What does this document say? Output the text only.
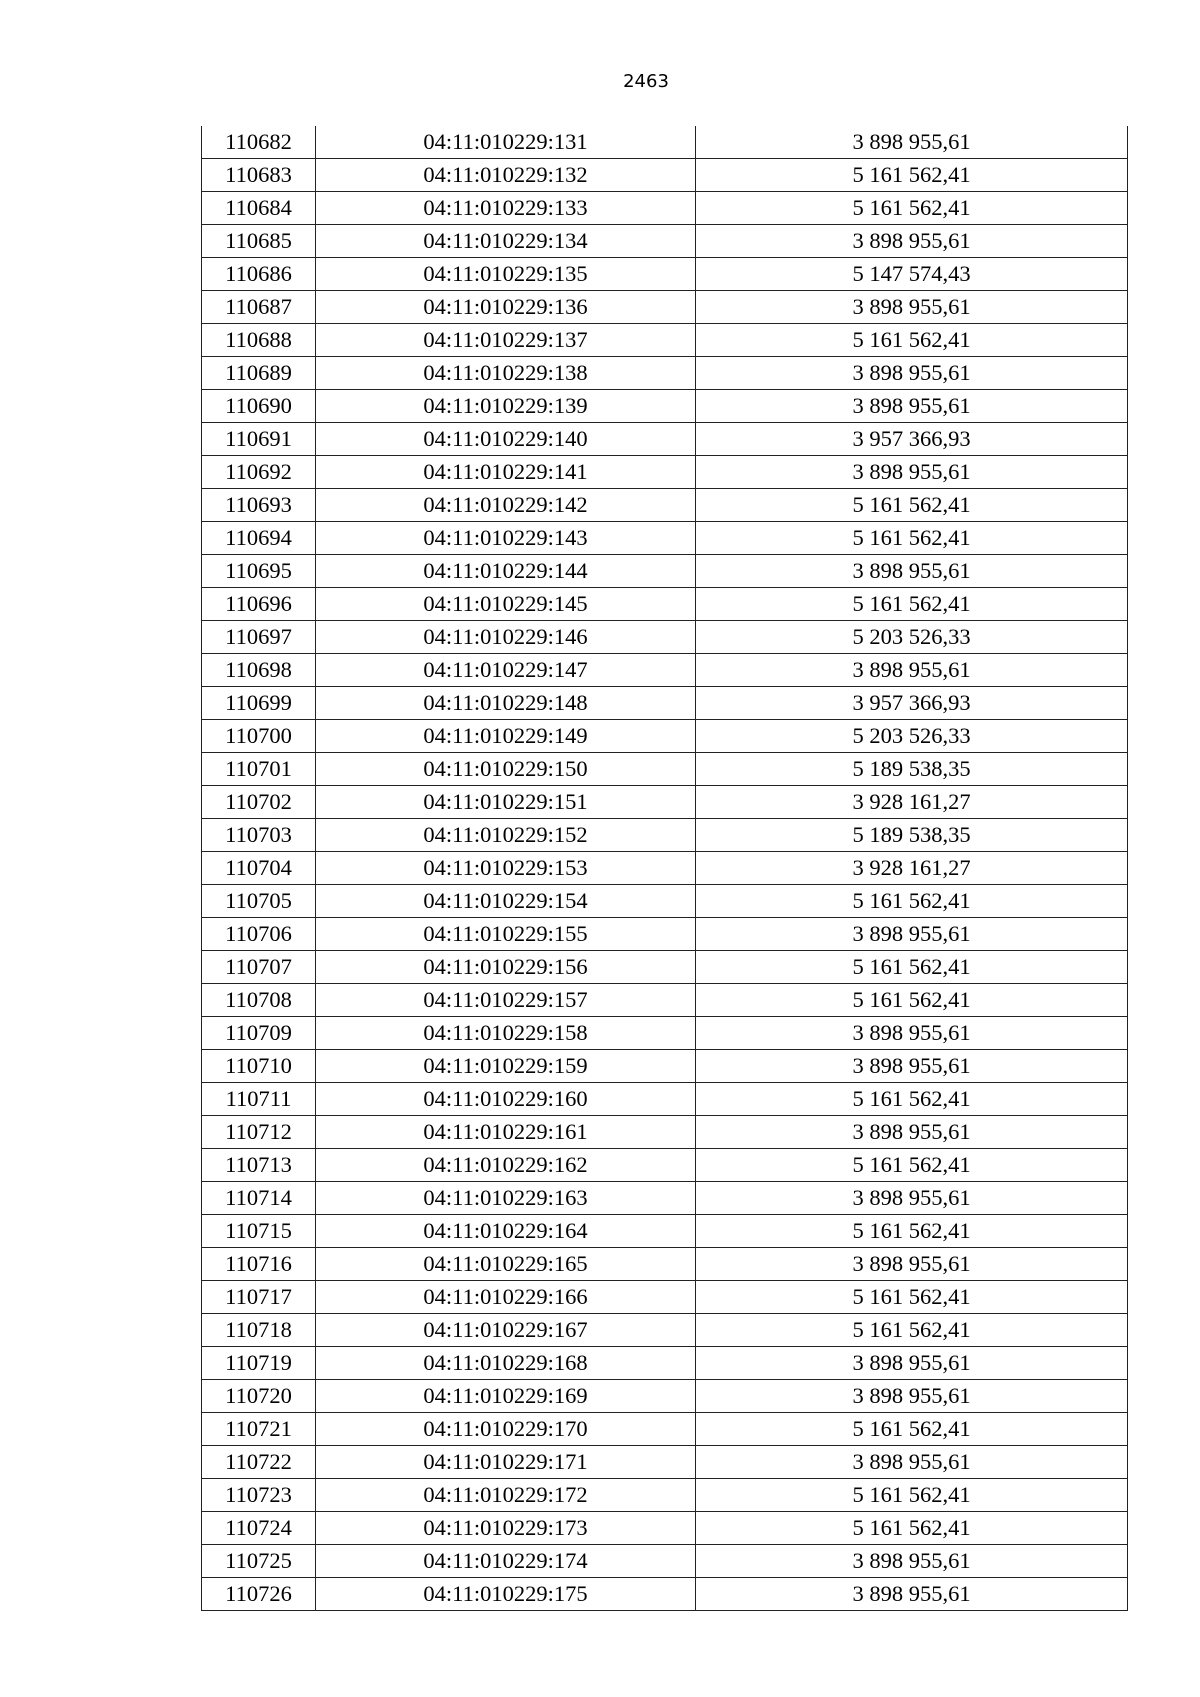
2463
110682	04:11:010229:131	3 898 955,61
110683	04:11:010229:132	5 161 562,41
110684	04:11:010229:133	5 161 562,41
110685	04:11:010229:134	3 898 955,61
110686	04:11:010229:135	5 147 574,43
110687	04:11:010229:136	3 898 955,61
110688	04:11:010229:137	5 161 562,41
110689	04:11:010229:138	3 898 955,61
110690	04:11:010229:139	3 898 955,61
110691	04:11:010229:140	3 957 366,93
110692	04:11:010229:141	3 898 955,61
110693	04:11:010229:142	5 161 562,41
110694	04:11:010229:143	5 161 562,41
110695	04:11:010229:144	3 898 955,61
110696	04:11:010229:145	5 161 562,41
110697	04:11:010229:146	5 203 526,33
110698	04:11:010229:147	3 898 955,61
110699	04:11:010229:148	3 957 366,93
110700	04:11:010229:149	5 203 526,33
110701	04:11:010229:150	5 189 538,35
110702	04:11:010229:151	3 928 161,27
110703	04:11:010229:152	5 189 538,35
110704	04:11:010229:153	3 928 161,27
110705	04:11:010229:154	5 161 562,41
110706	04:11:010229:155	3 898 955,61
110707	04:11:010229:156	5 161 562,41
110708	04:11:010229:157	5 161 562,41
110709	04:11:010229:158	3 898 955,61
110710	04:11:010229:159	3 898 955,61
110711	04:11:010229:160	5 161 562,41
110712	04:11:010229:161	3 898 955,61
110713	04:11:010229:162	5 161 562,41
110714	04:11:010229:163	3 898 955,61
110715	04:11:010229:164	5 161 562,41
110716	04:11:010229:165	3 898 955,61
110717	04:11:010229:166	5 161 562,41
110718	04:11:010229:167	5 161 562,41
110719	04:11:010229:168	3 898 955,61
110720	04:11:010229:169	3 898 955,61
110721	04:11:010229:170	5 161 562,41
110722	04:11:010229:171	3 898 955,61
110723	04:11:010229:172	5 161 562,41
110724	04:11:010229:173	5 161 562,41
110725	04:11:010229:174	3 898 955,61
110726	04:11:010229:175	3 898 955,61
